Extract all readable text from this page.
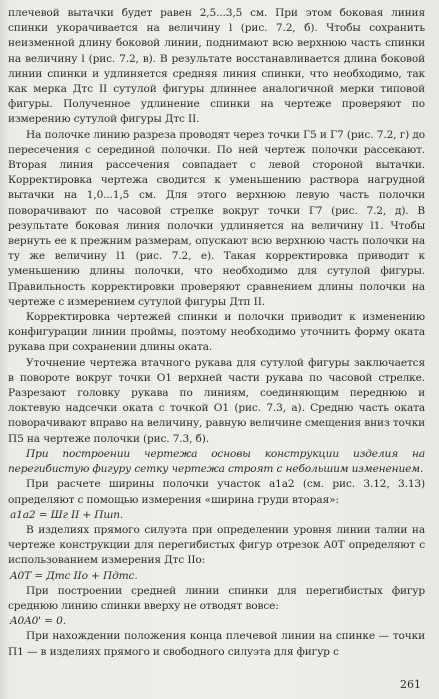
плечевой вытачки будет равен 2,5...3,5 см. При этом боковая линия спинки укорачивается на величину l (рис. 7.2, б). Чтобы сохранить неизменной длину боковой линии, поднимают всю верхнюю часть спинки на величину l (рис. 7.2, в). В результате восстанавливается длина боковой линии спинки и удлиняется средняя линия спинки, что необходимо, так как мерка Дтс II сутулой фигуры длиннее аналогичной мерки типовой фигуры. Полученное удлинение спинки на чертеже проверяют по измерению сутулой фигуры Дтс II.

На полочке линию разреза проводят через точки Г5 и Г7 (рис. 7.2, г) до пересечения с серединой полочки. По ней чертеж полочки рассекают. Вторая линия рассечения совпадает с левой стороной вытачки. Корректировка чертежа сводится к уменьшению раствора нагрудной вытачки на 1,0...1,5 см. Для этого верхнюю левую часть полочки поворачивают по часовой стрелке вокруг точки Г7 (рис. 7.2, д). В результате боковая линия полочки удлиняется на величину l1. Чтобы вернуть ее к прежним размерам, опускают всю верхнюю часть полочки на ту же величину l1 (рис. 7.2, е). Такая корректировка приводит к уменьшению длины полочки, что необходимо для сутулой фигуры. Правильность корректировки проверяют сравнением длины полочки на чертеже с измерением сутулой фигуры Дтп II.

Корректировка чертежей спинки и полочки приводит к изменению конфигурации линии проймы, поэтому необходимо уточнить форму оката рукава при сохранении длины оката.

Уточнение чертежа втачного рукава для сутулой фигуры заключается в повороте вокруг точки O1 верхней части рукава по часовой стрелке. Разрезают головку рукава по линиям, соединяющим переднюю и локтевую надсечки оката с точкой O1 (рис. 7.3, а). Средню часть оката поворачивают вправо на величину, равную величине смещения вниз точки П5 на чертеже полочки (рис. 7.3, б).

При построении чертежа основы конструкции изделия на перегибистую фигуру сетку чертежа строят с небольшим изменением.

При расчете ширины полочки участок a1a2 (см. рис. 3.12, 3.13) определяют с помощью измерения «ширина груди вторая»:

a1a2 = Шг II + Пшп.

В изделиях прямого силуэта при определении уровня линии талии на чертеже конструкции для перегибистых фигур отрезок A0T определяют с использованием измерения Дтс IIо:

A0T = Дтс IIо + Пдтс.

При построении средней линии спинки для перегибистых фигур среднюю линию спинки вверху не отводят вовсе:

A0A0' = 0.

При нахождении положения конца плечевой линии на спинке — точки П1 — в изделиях прямого и свободного силуэта для фигур с

261
